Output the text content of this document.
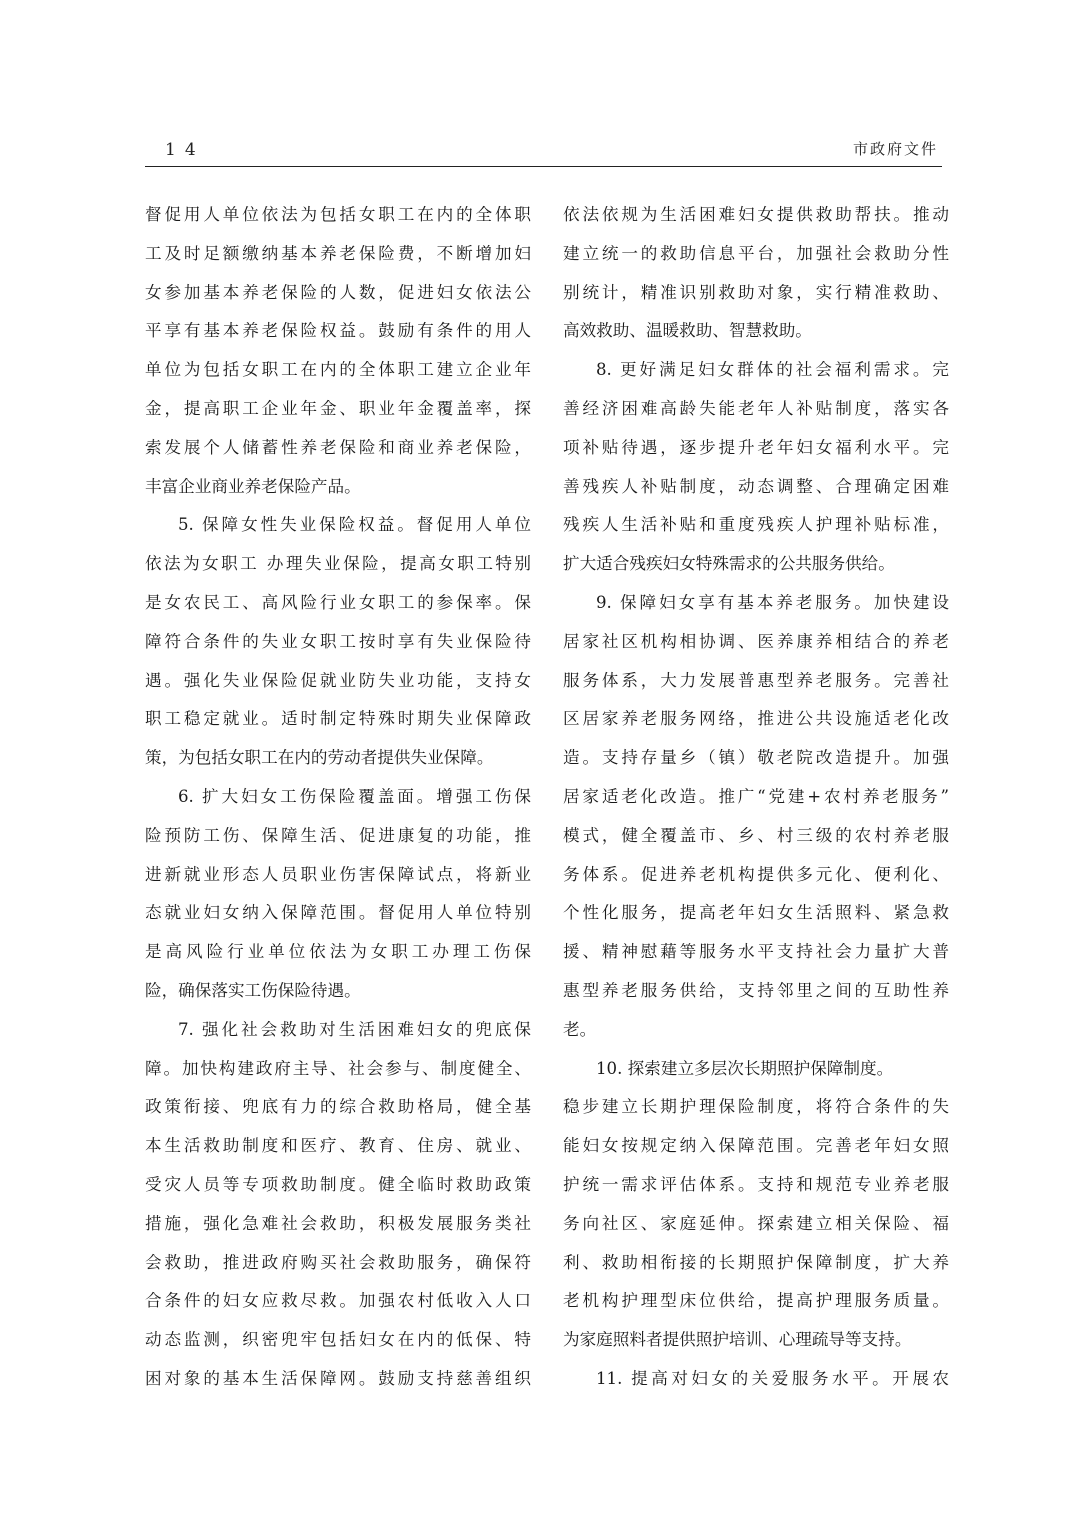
14	市政府文件
督促用人单位依法为包括女职工在内的全体职
工及时足额缴纳基本养老保险费，不断增加妇
女参加基本养老保险的人数，促进妇女依法公
平享有基本养老保险权益。鼓励有条件的用人
单位为包括女职工在内的全体职工建立企业年
金，提高职工企业年金、职业年金覆盖率，探
索发展个人储蓄性养老保险和商业养老保险，
丰富企业商业养老保险产品。
5. 保障女性失业保险权益。督促用人单位
依法为女职工 办理失业保险，提高女职工特别
是女农民工、高风险行业女职工的参保率。保
障符合条件的失业女职工按时享有失业保险待
遇。强化失业保险促就业防失业功能，支持女
职工稳定就业。适时制定特殊时期失业保障政
策，为包括女职工在内的劳动者提供失业保障。
6. 扩大妇女工伤保险覆盖面。增强工伤保
险预防工伤、保障生活、促进康复的功能，推
进新就业形态人员职业伤害保障试点，将新业
态就业妇女纳入保障范围。督促用人单位特别
是高风险行业单位依法为女职工办理工伤保
险，确保落实工伤保险待遇。
7. 强化社会救助对生活困难妇女的兜底保
障。加快构建政府主导、社会参与、制度健全、
政策衔接、兜底有力的综合救助格局，健全基
本生活救助制度和医疗、教育、住房、就业、
受灾人员等专项救助制度。健全临时救助政策
措施，强化急难社会救助，积极发展服务类社
会救助，推进政府购买社会救助服务，确保符
合条件的妇女应救尽救。加强农村低收入人口
动态监测，织密兜牢包括妇女在内的低保、特
困对象的基本生活保障网。鼓励支持慈善组织
依法依规为生活困难妇女提供救助帮扶。推动
建立统一的救助信息平台，加强社会救助分性
别统计，精准识别救助对象，实行精准救助、
高效救助、温暖救助、智慧救助。
8. 更好满足妇女群体的社会福利需求。完
善经济困难高龄失能老年人补贴制度，落实各
项补贴待遇，逐步提升老年妇女福利水平。完
善残疾人补贴制度，动态调整、合理确定困难
残疾人生活补贴和重度残疾人护理补贴标准，
扩大适合残疾妇女特殊需求的公共服务供给。
9. 保障妇女享有基本养老服务。加快建设
居家社区机构相协调、医养康养相结合的养老
服务体系，大力发展普惠型养老服务。完善社
区居家养老服务网络，推进公共设施适老化改
造。支持存量乡（镇）敬老院改造提升。加强
居家适老化改造。推广“党建+农村养老服务”
模式，健全覆盖市、乡、村三级的农村养老服
务体系。促进养老机构提供多元化、便利化、
个性化服务，提高老年妇女生活照料、紧急救
援、精神慰藉等服务水平支持社会力量扩大普
惠型养老服务供给，支持邻里之间的互助性养
老。
10. 探索建立多层次长期照护保障制度。
稳步建立长期护理保险制度，将符合条件的失
能妇女按规定纳入保障范围。完善老年妇女照
护统一需求评估体系。支持和规范专业养老服
务向社区、家庭延伸。探索建立相关保险、福
利、救助相衔接的长期照护保障制度，扩大养
老机构护理型床位供给，提高护理服务质量。
为家庭照料者提供照护培训、心理疏导等支持。
11. 提高对妇女的关爱服务水平。开展农
